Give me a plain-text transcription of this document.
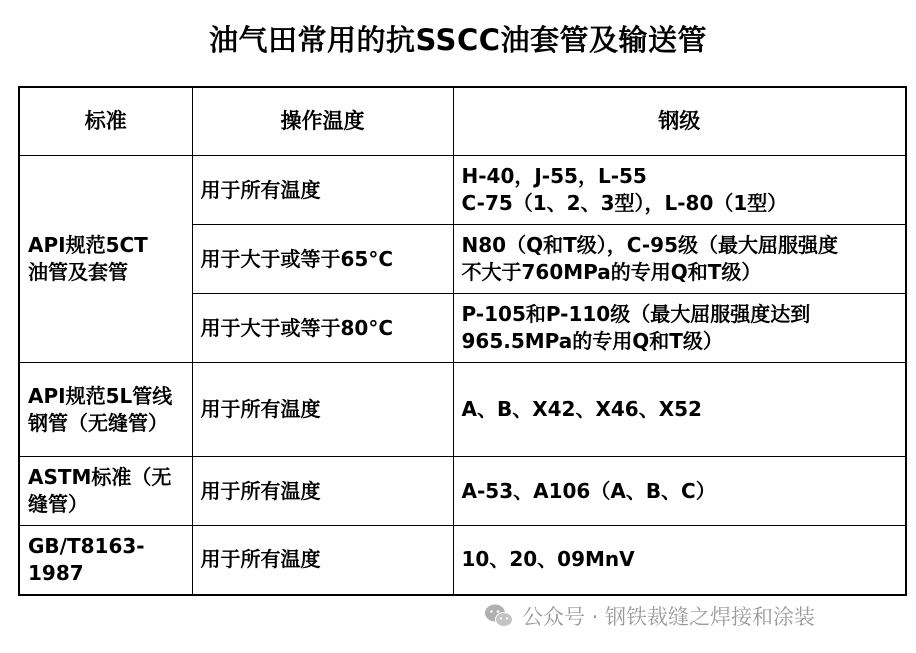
油气田常用的抗SSCC油套管及输送管
标准	操作温度	钢级

API规范5CT油管及套管	用于所有温度	H-40，J-55，L-55
C-75（1、2、3型），L-80（1型）

	用于大于或等于65°C	N80（Q和T级），C-95级（最大屈服强度
不大于760MPa的专用Q和T级）

	用于大于或等于80°C	P-105和P-110级（最大屈服强度达到
965.5MPa的专用Q和T级）

API规范5L管线钢管（无缝管）	用于所有温度	A、B、X42、X46、X52
ASTM标准（无缝管）	用于所有温度	A-53、A106（A、B、C）

GB/T8163-1987	用于所有温度	10、20、09MnV
公众号 · 钢铁裁缝之焊接和涂装
